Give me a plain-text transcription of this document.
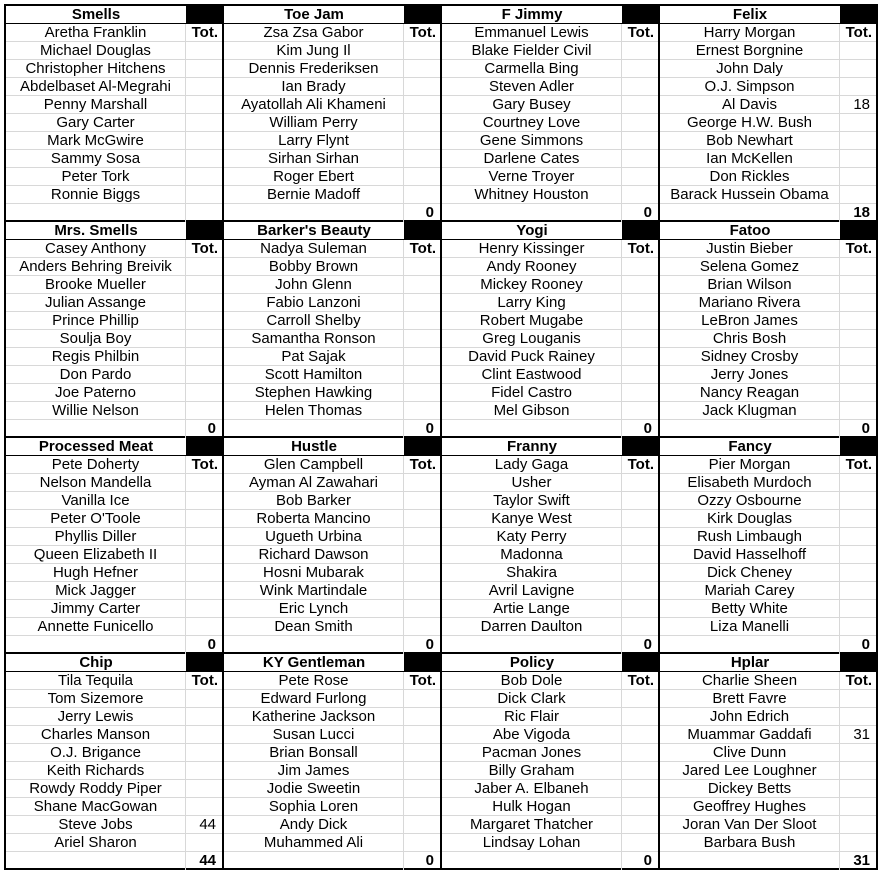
Smells
Aretha Franklin	Tot.
Michael Douglas
Christopher Hitchens
Abdelbaset Al-Megrahi
Penny Marshall
Gary Carter
Mark McGwire
Sammy Sosa
Peter Tork
Ronnie Biggs
Toe Jam
Zsa Zsa Gabor	Tot.
Kim Jung Il
Dennis Frederiksen
Ian Brady
Ayatollah Ali Khameni
William Perry
Larry Flynt
Sirhan Sirhan
Roger Ebert
Bernie Madoff
0
F Jimmy
Emmanuel Lewis	Tot.
Blake Fielder Civil
Carmella Bing
Steven Adler
Gary Busey
Courtney Love
Gene Simmons
Darlene Cates
Verne Troyer
Whitney Houston
0
Felix
Harry Morgan	Tot.
Ernest Borgnine
John Daly
O.J. Simpson
Al Davis	18
George H.W. Bush
Bob Newhart
Ian McKellen
Don Rickles
Barack Hussein Obama
18
Mrs. Smells
Casey Anthony	Tot.
Anders Behring Breivik
Brooke Mueller
Julian Assange
Prince Phillip
Soulja Boy
Regis Philbin
Don Pardo
Joe Paterno
Willie Nelson
0
Barker's Beauty
Nadya Suleman	Tot.
Bobby Brown
John Glenn
Fabio Lanzoni
Carroll Shelby
Samantha Ronson
Pat Sajak
Scott Hamilton
Stephen Hawking
Helen Thomas
0
Yogi
Henry Kissinger	Tot.
Andy Rooney
Mickey Rooney
Larry King
Robert Mugabe
Greg Louganis
David Puck Rainey
Clint Eastwood
Fidel Castro
Mel Gibson
0
Fatoo
Justin Bieber	Tot.
Selena Gomez
Brian Wilson
Mariano Rivera
LeBron James
Chris Bosh
Sidney Crosby
Jerry Jones
Nancy Reagan
Jack Klugman
0
Processed Meat
Pete Doherty	Tot.
Nelson Mandella
Vanilla Ice
Peter O'Toole
Phyllis Diller
Queen Elizabeth II
Hugh Hefner
Mick Jagger
Jimmy Carter
Annette Funicello
0
Hustle
Glen Campbell	Tot.
Ayman Al Zawahari
Bob Barker
Roberta Mancino
Ugueth Urbina
Richard Dawson
Hosni Mubarak
Wink Martindale
Eric Lynch
Dean Smith
0
Franny
Lady Gaga	Tot.
Usher
Taylor Swift
Kanye West
Katy Perry
Madonna
Shakira
Avril Lavigne
Artie Lange
Darren Daulton
0
Fancy
Pier Morgan	Tot.
Elisabeth Murdoch
Ozzy Osbourne
Kirk Douglas
Rush Limbaugh
David Hasselhoff
Dick Cheney
Mariah Carey
Betty White
Liza Manelli
0
Chip
Tila Tequila	Tot.
Tom Sizemore
Jerry Lewis
Charles Manson
O.J. Brigance
Keith Richards
Rowdy Roddy Piper
Shane MacGowan
Steve Jobs	44
Ariel Sharon
44
KY Gentleman
Pete Rose	Tot.
Edward Furlong
Katherine Jackson
Susan Lucci
Brian Bonsall
Jim James
Jodie Sweetin
Sophia Loren
Andy Dick
Muhammed Ali
0
Policy
Bob Dole	Tot.
Dick Clark
Ric Flair
Abe Vigoda
Pacman Jones
Billy Graham
Jaber A. Elbaneh
Hulk Hogan
Margaret Thatcher
Lindsay Lohan
0
Hplar
Charlie Sheen	Tot.
Brett Favre
John Edrich
Muammar Gaddafi	31
Clive Dunn
Jared Lee Loughner
Dickey Betts
Geoffrey Hughes
Joran Van Der Sloot
Barbara Bush
31
